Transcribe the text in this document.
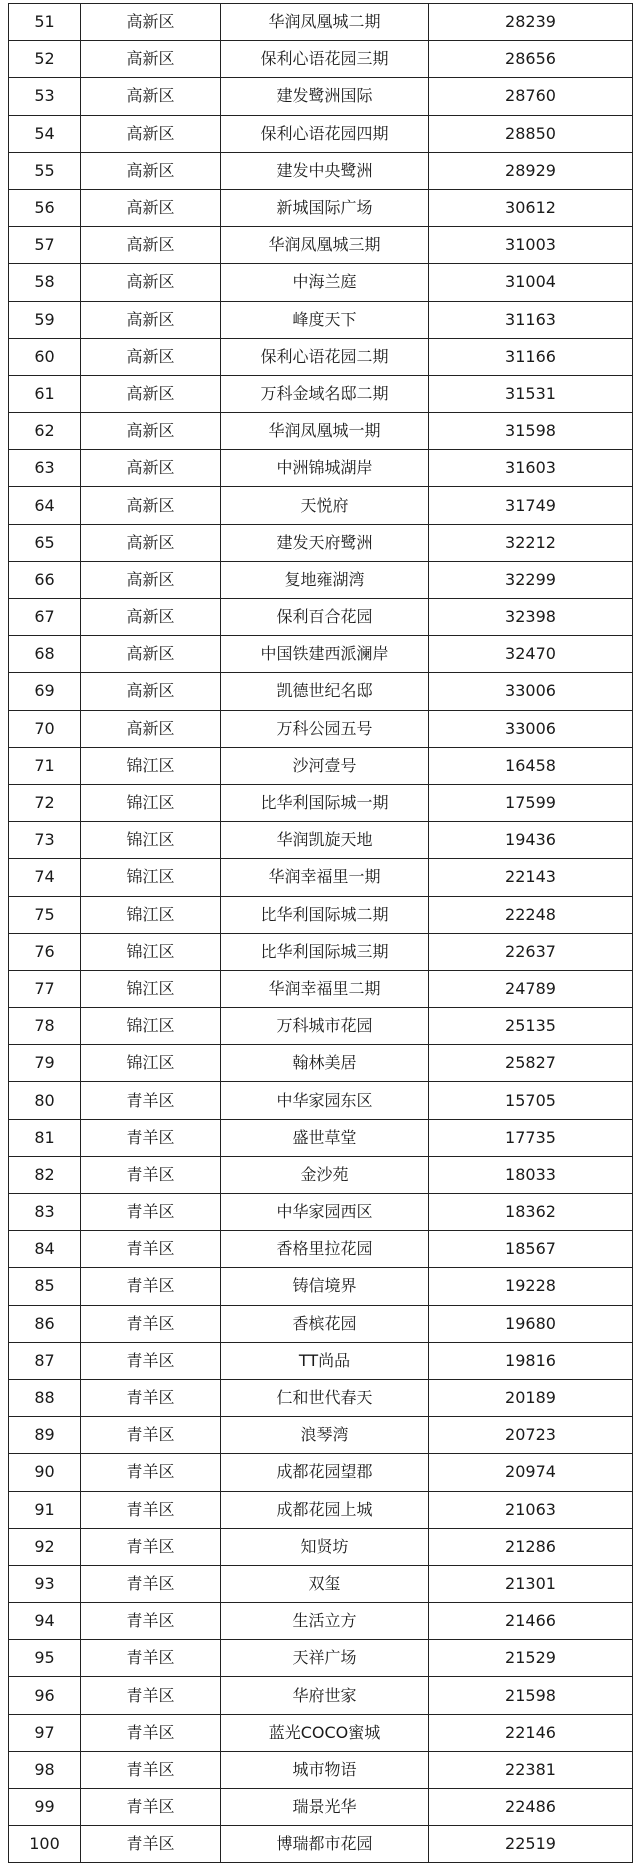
51	高新区	华润凤凰城二期	28239
52	高新区	保利心语花园三期	28656
53	高新区	建发鹭洲国际	28760
54	高新区	保利心语花园四期	28850
55	高新区	建发中央鹭洲	28929
56	高新区	新城国际广场	30612
57	高新区	华润凤凰城三期	31003
58	高新区	中海兰庭	31004
59	高新区	峰度天下	31163
60	高新区	保利心语花园二期	31166
61	高新区	万科金域名邸二期	31531
62	高新区	华润凤凰城一期	31598
63	高新区	中洲锦城湖岸	31603
64	高新区	天悦府	31749
65	高新区	建发天府鹭洲	32212
66	高新区	复地雍湖湾	32299
67	高新区	保利百合花园	32398
68	高新区	中国铁建西派澜岸	32470
69	高新区	凯德世纪名邸	33006
70	高新区	万科公园五号	33006
71	锦江区	沙河壹号	16458
72	锦江区	比华利国际城一期	17599
73	锦江区	华润凯旋天地	19436
74	锦江区	华润幸福里一期	22143
75	锦江区	比华利国际城二期	22248
76	锦江区	比华利国际城三期	22637
77	锦江区	华润幸福里二期	24789
78	锦江区	万科城市花园	25135
79	锦江区	翰林美居	25827
80	青羊区	中华家园东区	15705
81	青羊区	盛世草堂	17735
82	青羊区	金沙苑	18033
83	青羊区	中华家园西区	18362
84	青羊区	香格里拉花园	18567
85	青羊区	铸信境界	19228
86	青羊区	香槟花园	19680
87	青羊区	TT尚品	19816
88	青羊区	仁和世代春天	20189
89	青羊区	浪琴湾	20723
90	青羊区	成都花园望郡	20974
91	青羊区	成都花园上城	21063
92	青羊区	知贤坊	21286
93	青羊区	双玺	21301
94	青羊区	生活立方	21466
95	青羊区	天祥广场	21529
96	青羊区	华府世家	21598
97	青羊区	蓝光COCO蜜城	22146
98	青羊区	城市物语	22381
99	青羊区	瑞景光华	22486
100	青羊区	博瑞都市花园	22519
